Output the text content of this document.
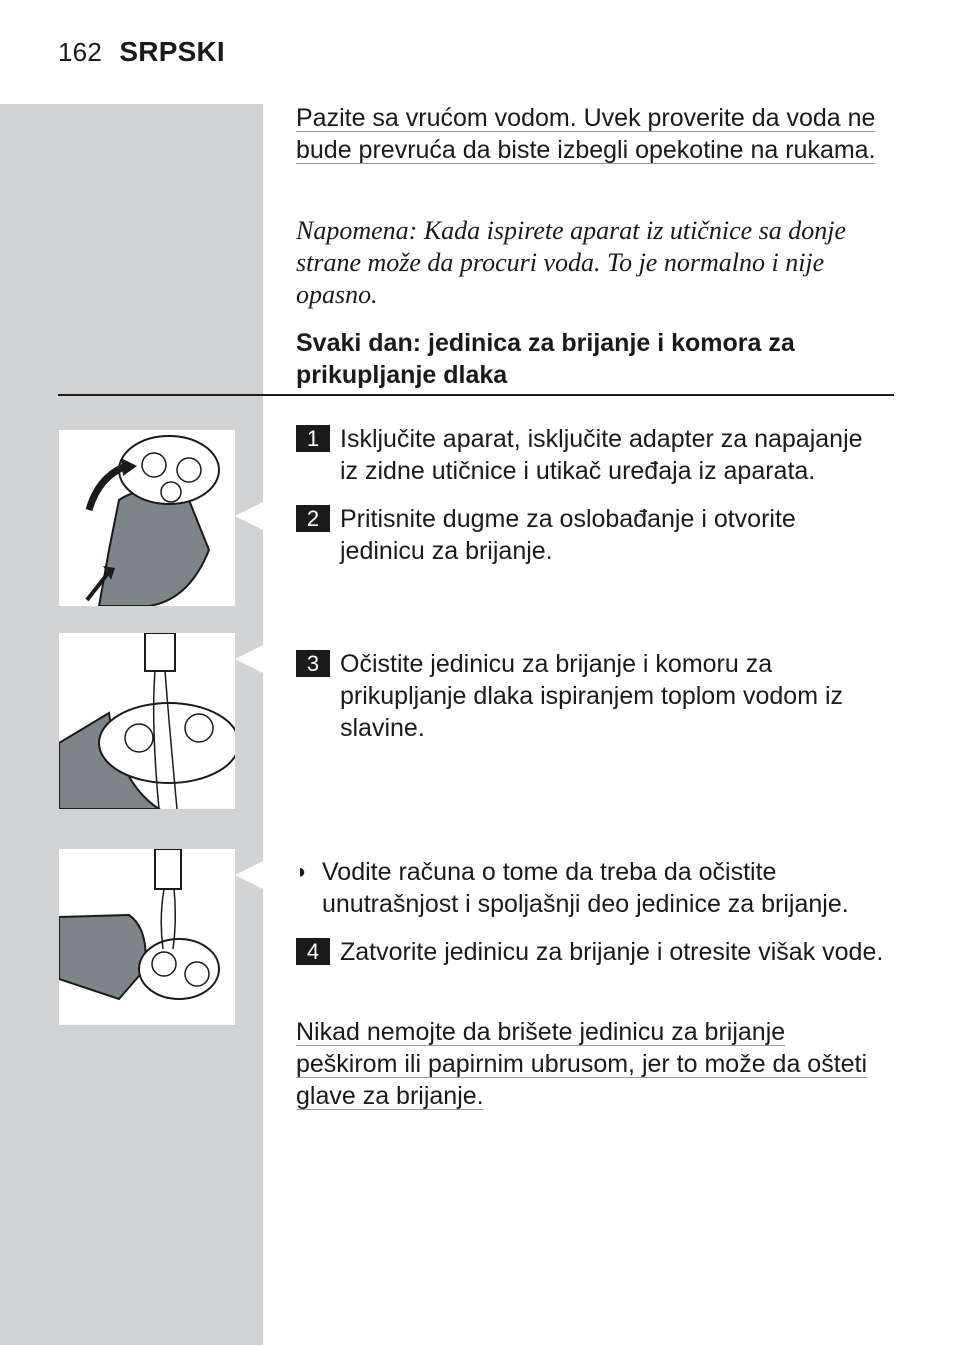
162 SRPSKI
Pazite sa vrućom vodom. Uvek proverite da voda ne bude prevruća da biste izbegli opekotine na rukama.
Napomena: Kada ispirete aparat iz utičnice sa donje strane može da procuri voda. To je normalno i nije opasno.
Svaki dan: jedinica za brijanje i komora za prikupljanje dlaka
1 Isključite aparat, isključite adapter za napajanje iz zidne utičnice i utikač uređaja iz aparata.
2 Pritisnite dugme za oslobađanje i otvorite jedinicu za brijanje.
3 Očistite jedinicu za brijanje i komoru za prikupljanje dlaka ispiranjem toplom vodom iz slavine.
◗ Vodite računa o tome da treba da očistite unutrašnjost i spoljašnji deo jedinice za brijanje.
4 Zatvorite jedinicu za brijanje i otresite višak vode.
Nikad nemojte da brišete jedinicu za brijanje peškirom ili papirnim ubrusom, jer to može da ošteti glave za brijanje.
